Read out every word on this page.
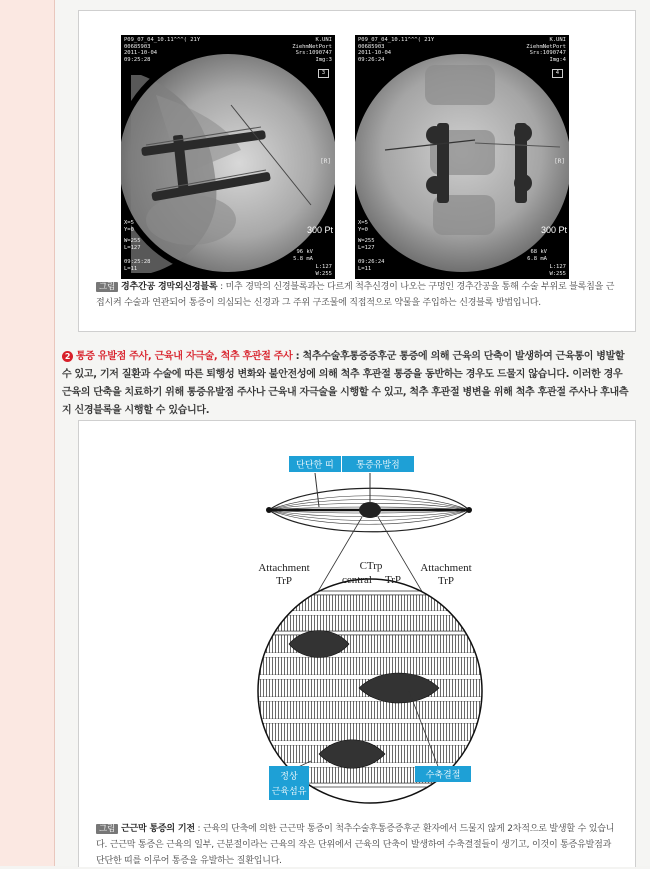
P09_07_04_10.11^^^( 21Y
00685903
2011-10-04
09:25:28
K.UNI
ZiehmNetPort
Srs:1090747
Img:3
3
[R]
300 Pt
X=5
Y=0
W=255
L=127
09:25:28
L=11
96 kV
5.8 mA
L:127
W:255
P09_07_04_10.11^^^( 21Y
00685903
2011-10-04
09:26:24
K.UNI
ZiehmNetPort
Srs:1090747
Img:4
4
[R]
300 Pt
X=5
Y=0
W=255
L=127
09:26:24
L=11
68 kV
6.8 mA
L:127
W:255
그림 경추간공 경막외신경블록 : 미추 경막의 신경블록과는 다르게 척추신경이 나오는 구멍인 경추간공을 통해 수술 부위로 블록침을 근접시켜 수술과 연관되어 통증이 의심되는 신경과 그 주위 구조물에 직접적으로 약물을 주입하는 신경블록 방법입니다.
2 통증 유발점 주사, 근육내 자극술, 척추 후관절 주사 : 척추수술후통증증후군 통증에 의해 근육의 단축이 발생하여 근육통이 병발할 수 있고, 기저 질환과 수술에 따른 퇴행성 변화와 불안전성에 의해 척추 후관절 통증을 동반하는 경우도 드물지 않습니다. 이러한 경우 근육의 단축을 치료하기 위해 통증유발점 주사나 근육내 자극술을 시행할 수 있고, 척추 후관절 병변을 위해 척추 후관절 주사나 후내측지 신경블록을 시행할 수 있습니다.
단단한 띠 통증유발점
정상
근육섬유
수축결절
Attachment
TrP
CTrp
central TrP
Attachment
TrP
그림 근근막 통증의 기전 : 근육의 단축에 의한 근근막 통증이 척추수술후통증증후군 환자에서 드물지 않게 2차적으로 발생할 수 있습니다. 근근막 통증은 근육의 일부, 근분절이라는 근육의 작은 단위에서 근육의 단축이 발생하여 수축결절들이 생기고, 이것이 통증유발점과 단단한 띠를 이루어 통증을 유발하는 질환입니다.
